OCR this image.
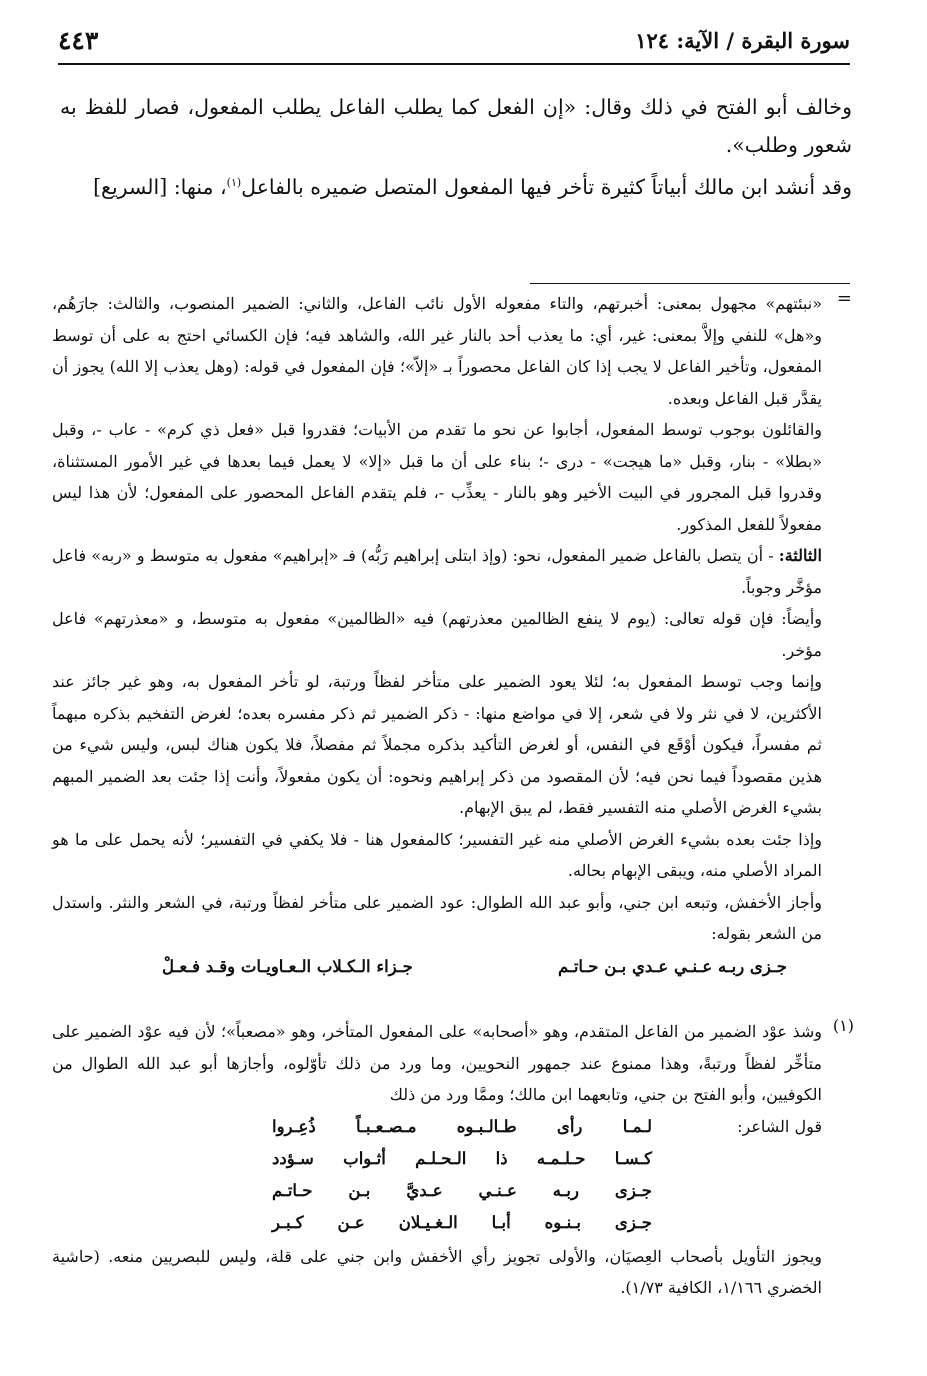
سورة البقرة / الآية: ١٢٤
٤٤٣

وخالف أبو الفتح في ذلك وقال: «إن الفعل كما يطلب الفاعل يطلب المفعول، فصار للفظ به شعور وطلب».

وقد أنشد ابن مالك أبياتاً كثيرة تأخر فيها المفعول المتصل ضميره بالفاعل$^{(١)}$، منها: [السريع]

=

«نبئتهم» مجهول بمعنى: أخبرتهم، والتاء مفعوله الأول نائب الفاعل، والثاني: الضمير المنصوب، والثالث: جارَهُم، و«هل» للنفي وإلاَّ بمعنى: غير، أي: ما يعذب أحد بالنار غير الله، والشاهد فيه؛ فإن الكسائي احتج به على أن توسط المفعول، وتأخير الفاعل لا يجب إذا كان الفاعل محصوراً بـ «إلاّ»؛ فإن المفعول في قوله: (وهل يعذب إلا الله) يجوز أن يقدَّر قبل الفاعل وبعده.

والقائلون بوجوب توسط المفعول، أجابوا عن نحو ما تقدم من الأبيات؛ فقدروا قبل «فعل ذي كرم» - عاب -، وقبل «بطلا» - بنار، وقبل «ما هيجت» - درى -؛ بناء على أن ما قبل «إلا» لا يعمل فيما بعدها في غير الأمور المستثناة، وقدروا قبل المجرور في البيت الأخير وهو بالنار - يعذِّب -، فلم يتقدم الفاعل المحصور على المفعول؛ لأن هذا ليس مفعولاً للفعل المذكور.

الثالثة: - أن يتصل بالفاعل ضمير المفعول، نحو: (وإذ ابتلى إبراهيم رَبُّه) فـ «إبراهيم» مفعول به متوسط و «ربه» فاعل مؤخَّر وجوباً.

وأيضاً: فإن قوله تعالى: (يوم لا ينفع الظالمين معذرتهم) فيه «الظالمين» مفعول به متوسط، و «معذرتهم» فاعل مؤخر.

وإنما وجب توسط المفعول به؛ لئلا يعود الضمير على متأخر لفظاً ورتبة، لو تأخر المفعول به، وهو غير جائز عند الأكثرين، لا في نثر ولا في شعر، إلا في مواضع منها: - ذكر الضمير ثم ذكر مفسره بعده؛ لغرض التفخيم بذكره مبهماً ثم مفسراً، فيكون أوْقَع في النفس، أو لغرض التأكيد بذكره مجملاً ثم مفصلاً، فلا يكون هناك لبس، وليس شيء من هذين مقصوداً فيما نحن فيه؛ لأن المقصود من ذكر إبراهيم ونحوه: أن يكون مفعولاً، وأنت إذا جئت بعد الضمير المبهم بشيء الغرض الأصلي منه التفسير فقط، لم يبق الإبهام.

وإذا جئت بعده بشيء الغرض الأصلي منه غير التفسير؛ كالمفعول هنا - فلا يكفي في التفسير؛ لأنه يحمل على ما هو المراد الأصلي منه، ويبقى الإبهام بحاله.

وأجاز الأخفش، وتبعه ابن جني، وأبو عبد الله الطوال: عود الضمير على متأخر لفظاً ورتبة، في الشعر والنثر. واستدل من الشعر بقوله:

جـزى ربـه عـنـي عـدي بـن حـاتـم
جـزاء الـكـلاب الـعـاويـات وقـد فـعـلْ
(١)

وشذ عوْد الضمير من الفاعل المتقدم، وهو «أصحابه» على المفعول المتأخر، وهو «مصعباً»؛ لأن فيه عوْد الضمير على متأخِّر لفظاً ورتبةً، وهذا ممنوع عند جمهور النحويين، وما ورد من ذلك تأوّلوه، وأجازها أبو عبد الله الطوال من الكوفيين، وأبو الفتح بن جني، وتابعهما ابن مالك؛ وممَّا ورد من ذلك

قول الشاعر:
لـمـا رأى طـالـبـوه مـصـعـبـاً ذُعِـروا
كـسـا حـلـمـه ذا الـحـلـم أثـواب سـؤدد
جـزى ربـه عـنـي عـديَّ بـن حـاتـم
جـزى بـنـوه أبـا الـغـيـلان عـن كـبـر

ويجوز التأويل بأصحاب العِصيَان، والأولى تجويز رأي الأخفش وابن جني على قلة، وليس للبصريين منعه. (حاشية الخضري ١/١٦٦، الكافية ١/٧٣).
